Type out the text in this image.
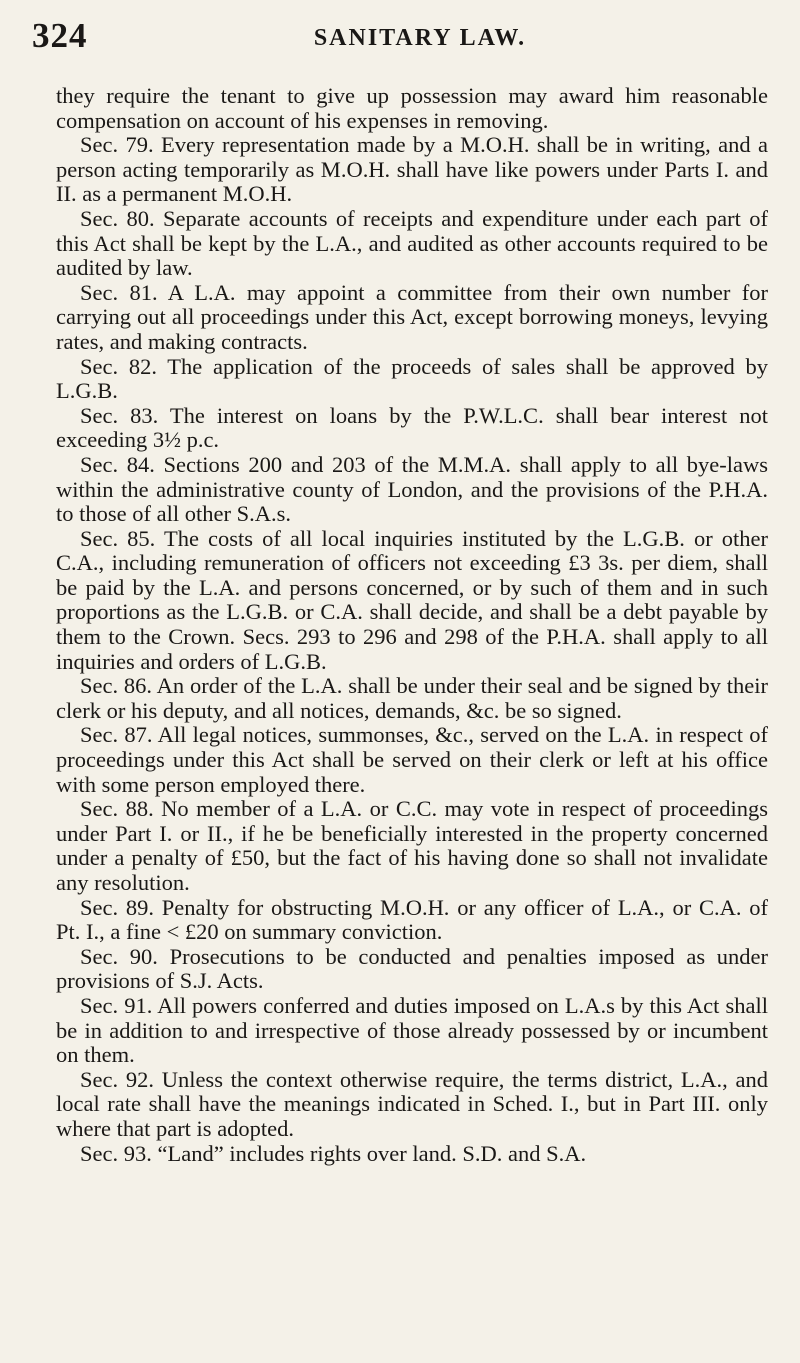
324	SANITARY LAW.

they require the tenant to give up possession may award him reasonable compensation on account of his expenses in removing.

Sec. 79. Every representation made by a M.O.H. shall be in writing, and a person acting temporarily as M.O.H. shall have like powers under Parts I. and II. as a permanent M.O.H.

Sec. 80. Separate accounts of receipts and expenditure under each part of this Act shall be kept by the L.A., and audited as other accounts required to be audited by law.

Sec. 81. A L.A. may appoint a committee from their own number for carrying out all proceedings under this Act, except borrowing moneys, levying rates, and making contracts.

Sec. 82. The application of the proceeds of sales shall be approved by L.G.B.

Sec. 83. The interest on loans by the P.W.L.C. shall bear interest not exceeding 3½ p.c.

Sec. 84. Sections 200 and 203 of the M.M.A. shall apply to all bye-laws within the administrative county of London, and the provisions of the P.H.A. to those of all other S.A.s.

Sec. 85. The costs of all local inquiries instituted by the L.G.B. or other C.A., including remuneration of officers not exceeding £3 3s. per diem, shall be paid by the L.A. and persons concerned, or by such of them and in such proportions as the L.G.B. or C.A. shall decide, and shall be a debt payable by them to the Crown. Secs. 293 to 296 and 298 of the P.H.A. shall apply to all inquiries and orders of L.G.B.

Sec. 86. An order of the L.A. shall be under their seal and be signed by their clerk or his deputy, and all notices, demands, &c. be so signed.

Sec. 87. All legal notices, summonses, &c., served on the L.A. in respect of proceedings under this Act shall be served on their clerk or left at his office with some person employed there.

Sec. 88. No member of a L.A. or C.C. may vote in respect of proceedings under Part I. or II., if he be beneficially interested in the property concerned under a penalty of £50, but the fact of his having done so shall not invalidate any resolution.

Sec. 89. Penalty for obstructing M.O.H. or any officer of L.A., or C.A. of Pt. I., a fine < £20 on summary conviction.

Sec. 90. Prosecutions to be conducted and penalties imposed as under provisions of S.J. Acts.

Sec. 91. All powers conferred and duties imposed on L.A.s by this Act shall be in addition to and irrespective of those already possessed by or incumbent on them.

Sec. 92. Unless the context otherwise require, the terms district, L.A., and local rate shall have the meanings indicated in Sched. I., but in Part III. only where that part is adopted.

Sec. 93. “Land” includes rights over land. S.D. and S.A.
